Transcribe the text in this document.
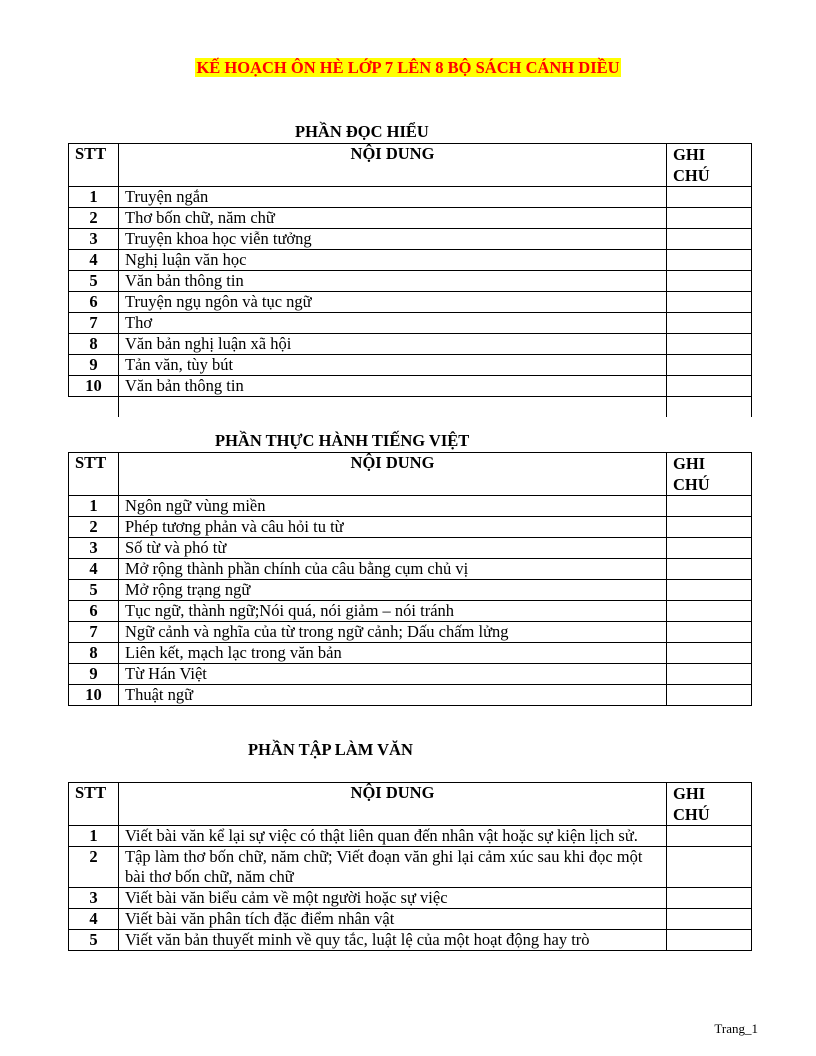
KẾ HOẠCH ÔN HÈ LỚP 7 LÊN 8 BỘ SÁCH CÁNH DIỀU
PHẦN ĐỌC HIỂU
STT	NỘI DUNG	GHI CHÚ
1	Truyện ngắn	
2	Thơ bốn chữ, năm chữ	
3	Truyện khoa học viễn tưởng	
4	Nghị luận văn học	
5	Văn bản thông tin	
6	Truyện ngụ ngôn và tục ngữ	
7	Thơ	
8	Văn bản nghị luận xã hội	
9	Tản văn, tùy bút	
10	Văn bản thông tin	

PHẦN THỰC HÀNH TIẾNG VIỆT
STT	NỘI DUNG	GHI CHÚ
1	Ngôn ngữ vùng miền	
2	Phép tương phản và câu hỏi tu từ	
3	Số từ và phó từ	
4	Mở rộng thành phần chính của câu bằng cụm chủ vị	
5	Mở rộng trạng ngữ	
6	Tục ngữ, thành ngữ;Nói quá, nói giảm – nói tránh	
7	Ngữ cảnh và nghĩa của từ trong ngữ cảnh; Dấu chấm lửng	
8	Liên kết, mạch lạc trong văn bản	
9	Từ Hán Việt	
10	Thuật ngữ	
PHẦN TẬP LÀM VĂN
STT	NỘI DUNG	GHI CHÚ
1	Viết bài văn kể lại sự việc có thật liên quan đến nhân vật hoặc sự kiện lịch sử.	
2	Tập làm thơ bốn chữ, năm chữ; Viết đoạn văn ghi lại cảm xúc sau khi đọc một bài thơ bốn chữ, năm chữ	
3	Viết bài văn biểu cảm về một người hoặc sự việc	
4	Viết bài văn phân tích đặc điểm nhân vật	
5	Viết văn bản thuyết minh về quy tắc, luật lệ của một hoạt động hay trò	
Trang_1
